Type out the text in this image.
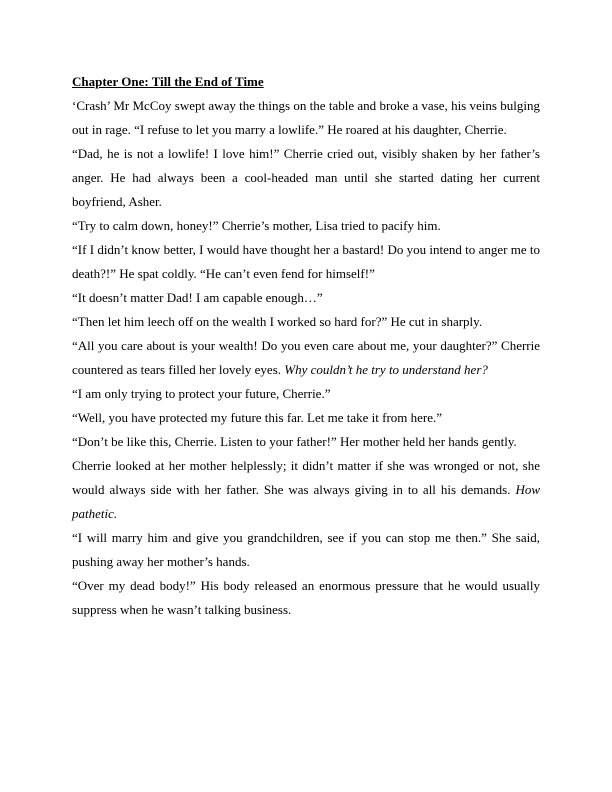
Chapter One: Till the End of Time

‘Crash’ Mr McCoy swept away the things on the table and broke a vase, his veins bulging out in rage. “I refuse to let you marry a lowlife.” He roared at his daughter, Cherrie.

“Dad, he is not a lowlife! I love him!” Cherrie cried out, visibly shaken by her father’s anger. He had always been a cool-headed man until she started dating her current boyfriend, Asher.

“Try to calm down, honey!” Cherrie’s mother, Lisa tried to pacify him.

“If I didn’t know better, I would have thought her a bastard! Do you intend to anger me to death?!” He spat coldly. “He can’t even fend for himself!”

“It doesn’t matter Dad! I am capable enough…”

“Then let him leech off on the wealth I worked so hard for?” He cut in sharply.

“All you care about is your wealth! Do you even care about me, your daughter?” Cherrie countered as tears filled her lovely eyes. Why couldn’t he try to understand her?

“I am only trying to protect your future, Cherrie.”

“Well, you have protected my future this far. Let me take it from here.”

“Don’t be like this, Cherrie. Listen to your father!” Her mother held her hands gently.

Cherrie looked at her mother helplessly; it didn’t matter if she was wronged or not, she would always side with her father. She was always giving in to all his demands. How pathetic.

“I will marry him and give you grandchildren, see if you can stop me then.” She said, pushing away her mother’s hands.

“Over my dead body!” His body released an enormous pressure that he would usually suppress when he wasn’t talking business.
